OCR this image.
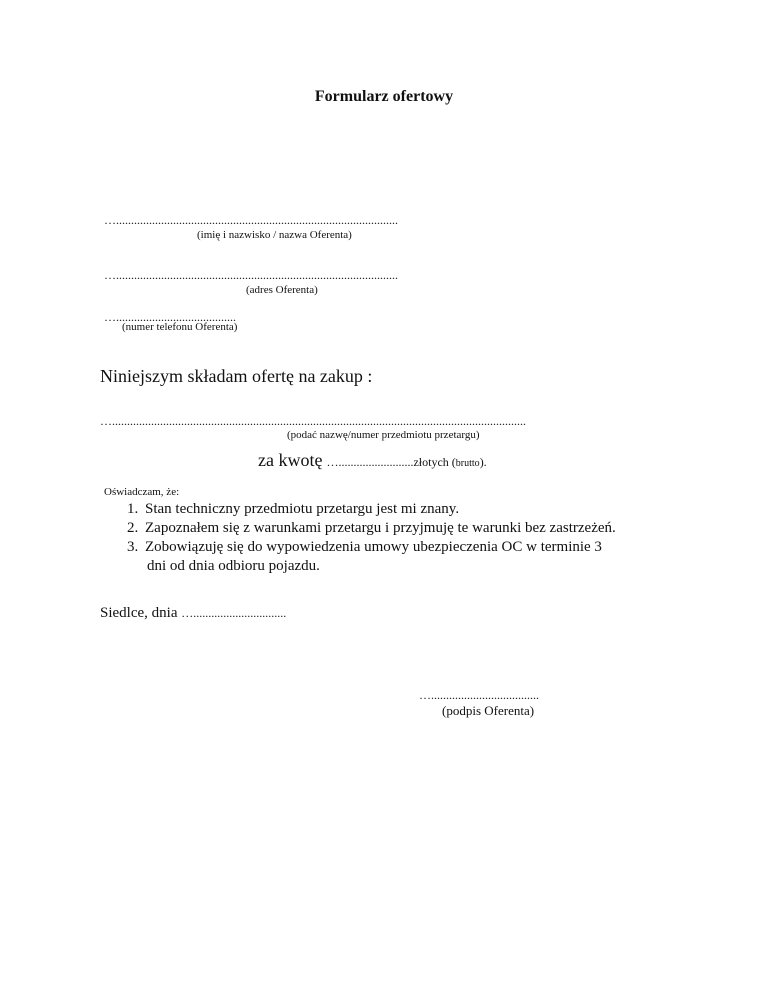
Formularz ofertowy
…..............................................................................................
(imię i nazwisko / nazwa Oferenta)
…..............................................................................................
(adres Oferenta)
…........................................
(numer telefonu Oferenta)
Niniejszym składam ofertę na zakup :
…..........................................................................................................................................
(podać nazwę/numer przedmiotu przetargu)
za kwotę ….........................złotych (brutto).
Oświadczam, że:
1. Stan techniczny przedmiotu przetargu jest mi znany.
2. Zapoznałem się z warunkami przetargu i przyjmuję te warunki bez zastrzeżeń.
3. Zobowiązuję się do wypowiedzenia umowy ubezpieczenia OC w terminie 3
dni od dnia odbioru pojazdu.
Siedlce, dnia …...............................
…....................................
(podpis Oferenta)
